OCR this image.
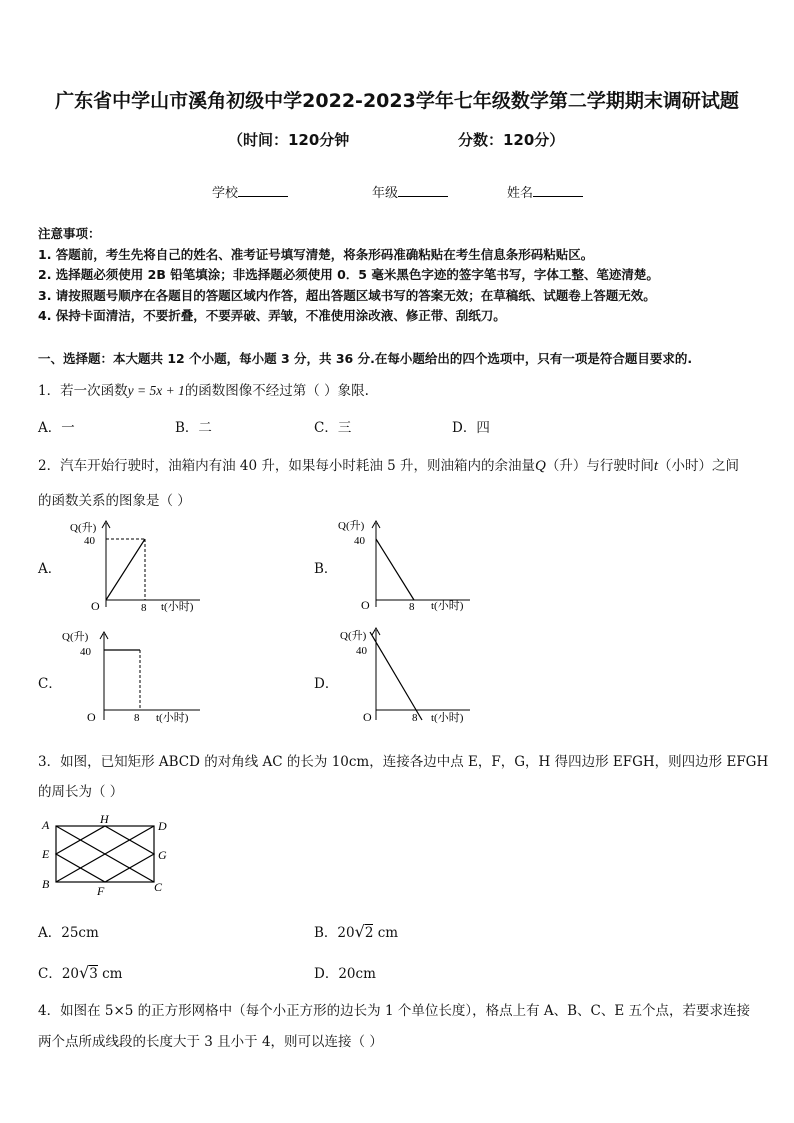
广东省中学山市溪角初级中学2022-2023学年七年级数学第二学期期末调研试题
（时间：120分钟	分数：120分）
学校	年级	姓名
注意事项：
1. 答题前，考生先将自己的姓名、准考证号填写清楚，将条形码准确粘贴在考生信息条形码粘贴区。
2. 选择题必须使用 2B 铅笔填涂；非选择题必须使用 0．5 毫米黑色字迹的签字笔书写，字体工整、笔迹清楚。
3. 请按照题号顺序在各题目的答题区域内作答，超出答题区域书写的答案无效；在草稿纸、试题卷上答题无效。
4. 保持卡面清洁，不要折叠，不要弄破、弄皱，不准使用涂改液、修正带、刮纸刀。
一、选择题：本大题共 12 个小题，每小题 3 分，共 36 分.在每小题给出的四个选项中，只有一项是符合题目要求的.
1．若一次函数y = 5x + 1的函数图像不经过第（ ）象限.
A．一	B．二	C．三	D．四
2．汽车开始行驶时，油箱内有油 40 升，如果每小时耗油 5 升，则油箱内的余油量Q（升）与行驶时间t（小时）之间
的函数关系的图象是（ ）
A．	B．
C．	D．
Q(升)
40
O	8 t(小时)
Q(升)
40
O	8 t(小时)
Q(升)
40
O	8 t(小时)
Q(升)
40
O	8 t(小时)
3．如图，已知矩形 ABCD 的对角线 AC 的长为 10cm，连接各边中点 E，F，G，H 得四边形 EFGH，则四边形 EFGH
的周长为（ ）
A	H	D
E	G
B	F	C
A．25cm	B．20√2 cm
C．20√3 cm	D．20cm
4．如图在 5×5 的正方形网格中（每个小正方形的边长为 1 个单位长度），格点上有 A、B、C、E 五个点，若要求连接
两个点所成线段的长度大于 3 且小于 4，则可以连接（ ）
